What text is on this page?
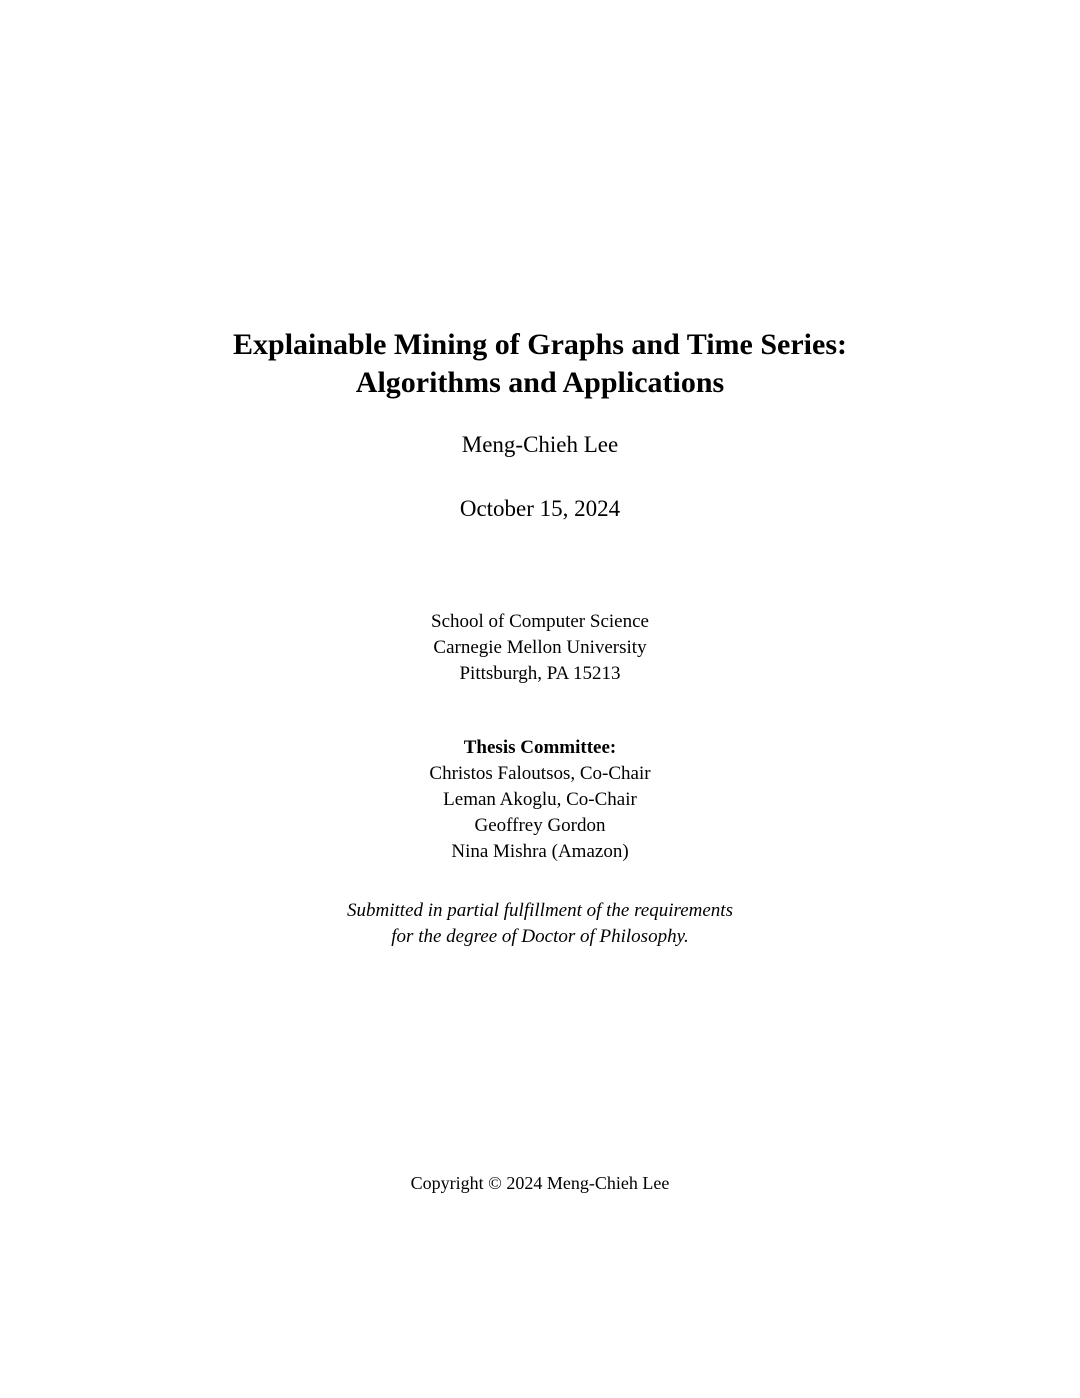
Explainable Mining of Graphs and Time Series:
Algorithms and Applications
Meng-Chieh Lee
October 15, 2024
School of Computer Science
Carnegie Mellon University
Pittsburgh, PA 15213
Thesis Committee:
Christos Faloutsos, Co-Chair
Leman Akoglu, Co-Chair
Geoffrey Gordon
Nina Mishra (Amazon)
Submitted in partial fulfillment of the requirements
for the degree of Doctor of Philosophy.
Copyright © 2024 Meng-Chieh Lee
